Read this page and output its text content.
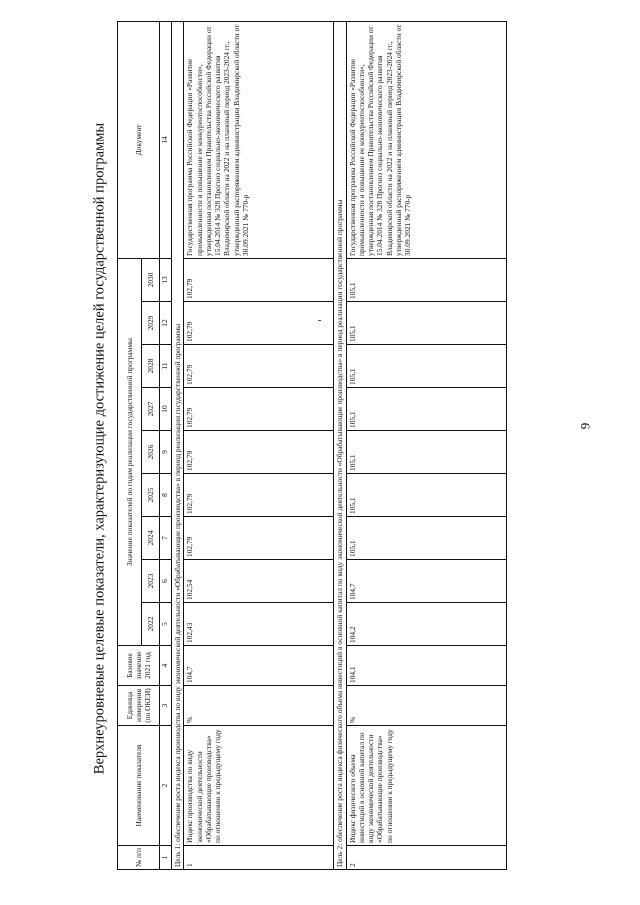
9
Верхнеуровневые целевые показатели, характеризующие достижение целей государственной программы
№ п/п	Наименование показателя	Единица измерения (по ОКЕИ)	Базовое значение 2021 год	Значение показателей по годам реализации государственной программы									Документ
				2022	2023	2024	2025	2026	2027	2028	2029	2030	
1	2	3	4	5	6	7	8	9	10	11	12	13	14
Цель 1: обеспечение роста индекса производства по виду экономической деятельности «Обрабатывающие производства» в период реализации государственной программы													
1	Индекс производства по виду экономической деятельности «Обрабатывающие производства» по отношению к предыдущему году	%	104,7	102,43	102,54	102,79	102,79	102,79	102,79	102,79	102,79	102,79	Государственная программа Российской Федерации «Развитие промышленности и повышение ее конкурентоспособности», утвержденная постановлением Правительства Российской Федерации от 15.04.2014 № 328 Прогноз социально-экономического развития Владимирской области на 2022 и на плановый период 2023-2024 гг., утвержденный распоряжением администрации Владимирской области от 30.09.2021 № 770-р
Цель 2: обеспечение роста индекса физического объема инвестиций в основной капитал по виду экономической деятельности «Обрабатывающие производства» в период реализации государственной программы													
2	Индекс физического объема инвестиций в основной капитал по виду экономической деятельности «Обрабатывающие производства» по отношению к предыдущему году	%	104,1	104,2	104,7	105,1	105,1	105,1	105,1	105,1	105,1	105,1	Государственная программа Российской Федерации «Развитие промышленности и повышение ее конкурентоспособности», утвержденная постановлением Правительства Российской Федерации от 15.04.2014 № 328 Прогноз социально-экономического развития Владимирской области на 2022 и на плановый период 2023-2024 гг., утвержденный распоряжением администрации Владимирской области от 30.09.2021 № 770-р
